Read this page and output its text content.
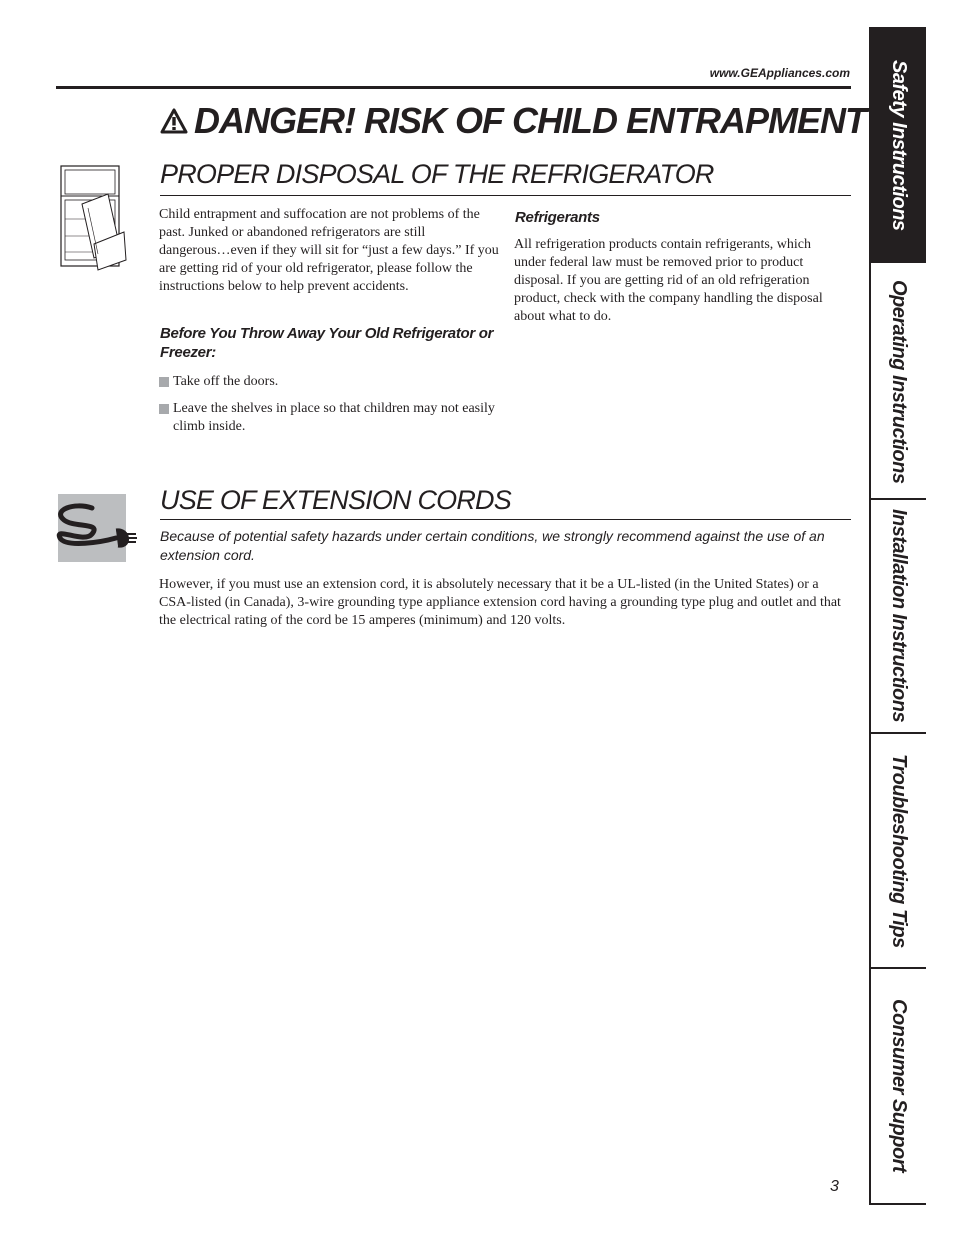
www.GEAppliances.com
DANGER! RISK OF CHILD ENTRAPMENT
PROPER DISPOSAL OF THE REFRIGERATOR
Child entrapment and suffocation are not problems of the past. Junked or abandoned refrigerators are still dangerous…even if they will sit for “just a few days.” If you are getting rid of your old refrigerator, please follow the instructions below to help prevent accidents.
Before You Throw Away Your Old Refrigerator or Freezer:
Take off the doors.
Leave the shelves in place so that children may not easily climb inside.
Refrigerants
All refrigeration products contain refrigerants, which under federal law must be removed prior to product disposal. If you are getting rid of an old refrigeration product, check with the company handling the disposal about what to do.
USE OF EXTENSION CORDS
Because of potential safety hazards under certain conditions, we strongly recommend against the use of an extension cord.
However, if you must use an extension cord, it is absolutely necessary that it be a UL-listed (in the United States) or a CSA-listed (in Canada), 3-wire grounding type appliance extension cord having a grounding type plug and outlet and that the electrical rating of the cord be 15 amperes (minimum) and 120 volts.
Safety Instructions
Operating Instructions
Installation Instructions
Troubleshooting Tips
Consumer Support
3
